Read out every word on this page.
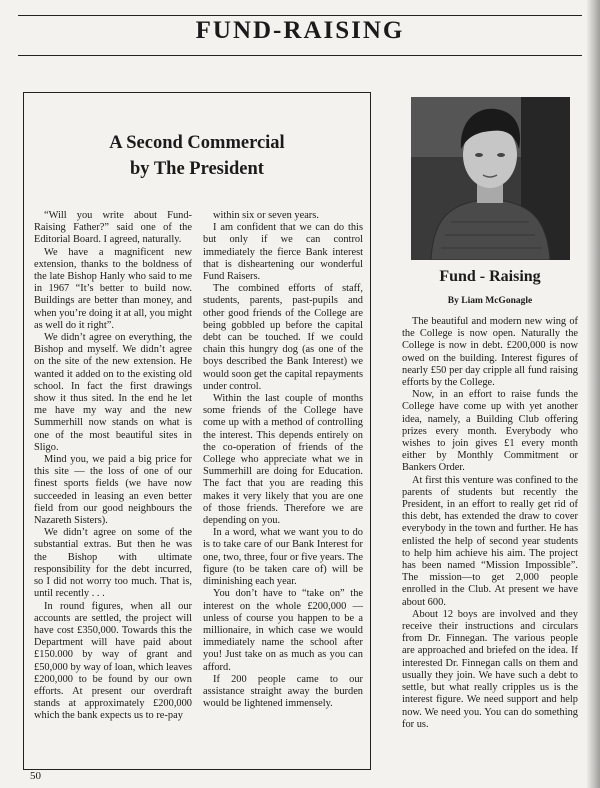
FUND-RAISING
A Second Commercial
by The President

“Will you write about Fund-Raising Father?” said one of the Editorial Board. I agreed, naturally.

We have a magnificent new extension, thanks to the boldness of the late Bishop Hanly who said to me in 1967 “It’s better to build now. Buildings are better than money, and when you’re doing it at all, you might as well do it right”.

We didn’t agree on everything, the Bishop and myself. We didn’t agree on the site of the new extension. He wanted it added on to the existing old school. In fact the first drawings show it thus sited. In the end he let me have my way and the new Summerhill now stands on what is one of the most beautiful sites in Sligo.

Mind you, we paid a big price for this site — the loss of one of our finest sports fields (we have now succeeded in leasing an even better field from our good neighbours the Nazareth Sisters).

We didn’t agree on some of the substantial extras. But then he was the Bishop with ultimate responsibility for the debt incurred, so I did not worry too much. That is, until recently . . .

In round figures, when all our accounts are settled, the project will have cost £350,000. Towards this the Department will have paid about £150.000 by way of grant and £50,000 by way of loan, which leaves £200,000 to be found by our own efforts. At present our overdraft stands at approximately £200,000 which the bank expects us to re-pay

within six or seven years.

I am confident that we can do this but only if we can control immediately the fierce Bank interest that is disheartening our wonderful Fund Raisers.

The combined efforts of staff, students, parents, past-pupils and other good friends of the College are being gobbled up before the capital debt can be touched. If we could chain this hungry dog (as one of the boys described the Bank Interest) we would soon get the capital repayments under control.

Within the last couple of months some friends of the College have come up with a method of controlling the interest. This depends entirely on the co-operation of friends of the College who appreciate what we in Summerhill are doing for Education. The fact that you are reading this makes it very likely that you are one of those friends. Therefore we are depending on you.

In a word, what we want you to do is to take care of our Bank Interest for one, two, three, four or five years. The figure (to be taken care of) will be diminishing each year.

You don’t have to “take on” the interest on the whole £200,000 — unless of course you happen to be a millionaire, in which case we would immediately name the school after you! Just take on as much as you can afford.

If 200 people came to our assistance straight away the burden would be lightened immensely.

Fund - Raising
By Liam McGonagle

The beautiful and modern new wing of the College is now open. Naturally the College is now in debt. £200,000 is now owed on the building. Interest figures of nearly £50 per day cripple all fund raising efforts by the College.

Now, in an effort to raise funds the College have come up with yet another idea, namely, a Building Club offering prizes every month. Everybody who wishes to join gives £1 every month either by Monthly Commitment or Bankers Order.

At first this venture was confined to the parents of students but recently the President, in an effort to really get rid of this debt, has extended the draw to cover everybody in the town and further. He has enlisted the help of second year students to help him achieve his aim. The project has been named “Mission Impossible”. The mission—to get 2,000 people enrolled in the Club. At present we have about 600.

About 12 boys are involved and they receive their instructions and circulars from Dr. Finnegan. The various people are approached and briefed on the idea. If interested Dr. Finnegan calls on them and usually they join. We have such a debt to settle, but what really cripples us is the interest figure. We need support and help now. We need you. You can do something for us.

50
